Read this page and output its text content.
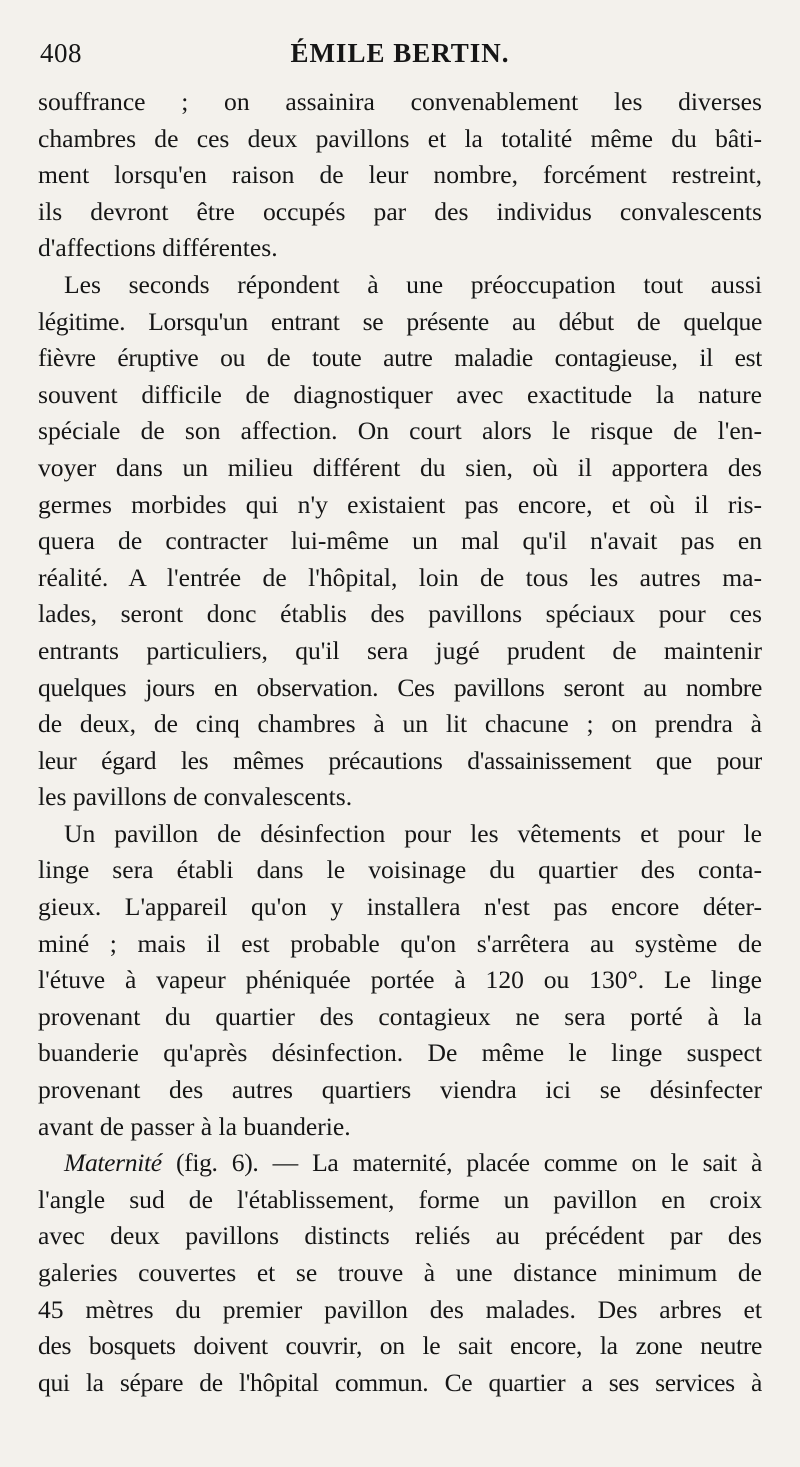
408	ÉMILE BERTIN.
souffrance ; on assainira convenablement les diverses
chambres de ces deux pavillons et la totalité même du bâti-
ment lorsqu'en raison de leur nombre, forcément restreint,
ils devront être occupés par des individus convalescents
d'affections différentes.
Les seconds répondent à une préoccupation tout aussi
légitime. Lorsqu'un entrant se présente au début de quelque
fièvre éruptive ou de toute autre maladie contagieuse, il est
souvent difficile de diagnostiquer avec exactitude la nature
spéciale de son affection. On court alors le risque de l'en-
voyer dans un milieu différent du sien, où il apportera des
germes morbides qui n'y existaient pas encore, et où il ris-
quera de contracter lui-même un mal qu'il n'avait pas en
réalité. A l'entrée de l'hôpital, loin de tous les autres ma-
lades, seront donc établis des pavillons spéciaux pour ces
entrants particuliers, qu'il sera jugé prudent de maintenir
quelques jours en observation. Ces pavillons seront au nombre
de deux, de cinq chambres à un lit chacune ; on prendra à
leur égard les mêmes précautions d'assainissement que pour
les pavillons de convalescents.
Un pavillon de désinfection pour les vêtements et pour le
linge sera établi dans le voisinage du quartier des conta-
gieux. L'appareil qu'on y installera n'est pas encore déter-
miné ; mais il est probable qu'on s'arrêtera au système de
l'étuve à vapeur phéniquée portée à 120 ou 130°. Le linge
provenant du quartier des contagieux ne sera porté à la
buanderie qu'après désinfection. De même le linge suspect
provenant des autres quartiers viendra ici se désinfecter
avant de passer à la buanderie.
Maternité (fig. 6). — La maternité, placée comme on le sait à
l'angle sud de l'établissement, forme un pavillon en croix
avec deux pavillons distincts reliés au précédent par des
galeries couvertes et se trouve à une distance minimum de
45 mètres du premier pavillon des malades. Des arbres et
des bosquets doivent couvrir, on le sait encore, la zone neutre
qui la sépare de l'hôpital commun. Ce quartier a ses services à
